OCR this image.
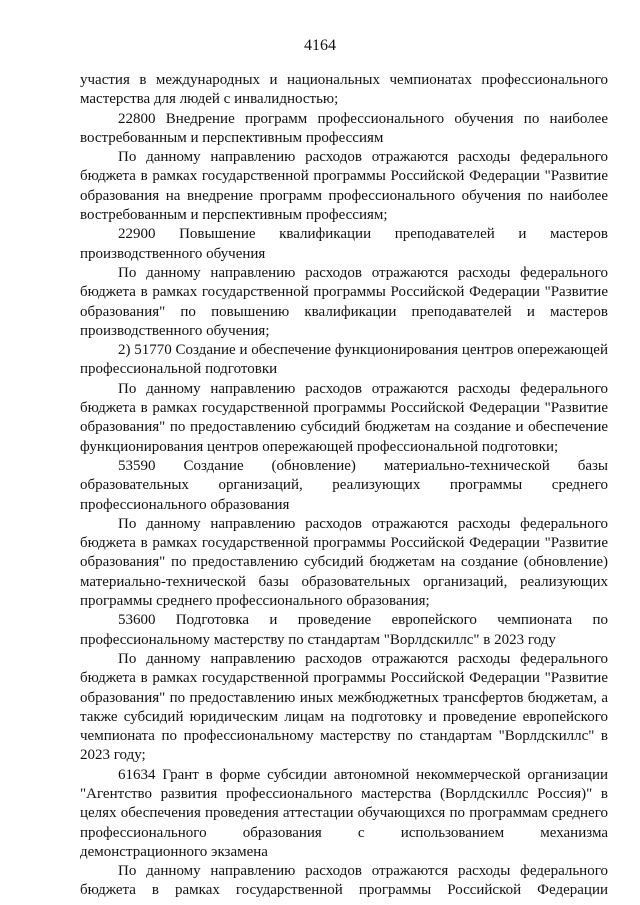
4164

участия в международных и национальных чемпионатах профессионального мастерства для людей с инвалидностью;

22800 Внедрение программ профессионального обучения по наиболее востребованным и перспективным профессиям

По данному направлению расходов отражаются расходы федерального бюджета в рамках государственной программы Российской Федерации "Развитие образования на внедрение программ профессионального обучения по наиболее востребованным и перспективным профессиям;

22900 Повышение квалификации преподавателей и мастеров производственного обучения

По данному направлению расходов отражаются расходы федерального бюджета в рамках государственной программы Российской Федерации "Развитие образования" по повышению квалификации преподавателей и мастеров производственного обучения;

2) 51770 Создание и обеспечение функционирования центров опережающей профессиональной подготовки

По данному направлению расходов отражаются расходы федерального бюджета в рамках государственной программы Российской Федерации "Развитие образования" по предоставлению субсидий бюджетам на создание и обеспечение функционирования центров опережающей профессиональной подготовки;

53590 Создание (обновление) материально-технической базы образовательных организаций, реализующих программы среднего профессионального образования

По данному направлению расходов отражаются расходы федерального бюджета в рамках государственной программы Российской Федерации "Развитие образования" по предоставлению субсидий бюджетам на создание (обновление) материально-технической базы образовательных организаций, реализующих программы среднего профессионального образования;

53600 Подготовка и проведение европейского чемпионата по профессиональному мастерству по стандартам "Ворлдскиллс" в 2023 году

По данному направлению расходов отражаются расходы федерального бюджета в рамках государственной программы Российской Федерации "Развитие образования" по предоставлению иных межбюджетных трансфертов бюджетам, а также субсидий юридическим лицам на подготовку и проведение европейского чемпионата по профессиональному мастерству по стандартам "Ворлдскиллс" в 2023 году;

61634 Грант в форме субсидии автономной некоммерческой организации "Агентство развития профессионального мастерства (Ворлдскиллс Россия)" в целях обеспечения проведения аттестации обучающихся по программам среднего профессионального образования с использованием механизма демонстрационного экзамена

По данному направлению расходов отражаются расходы федерального бюджета в рамках государственной программы Российской Федерации
